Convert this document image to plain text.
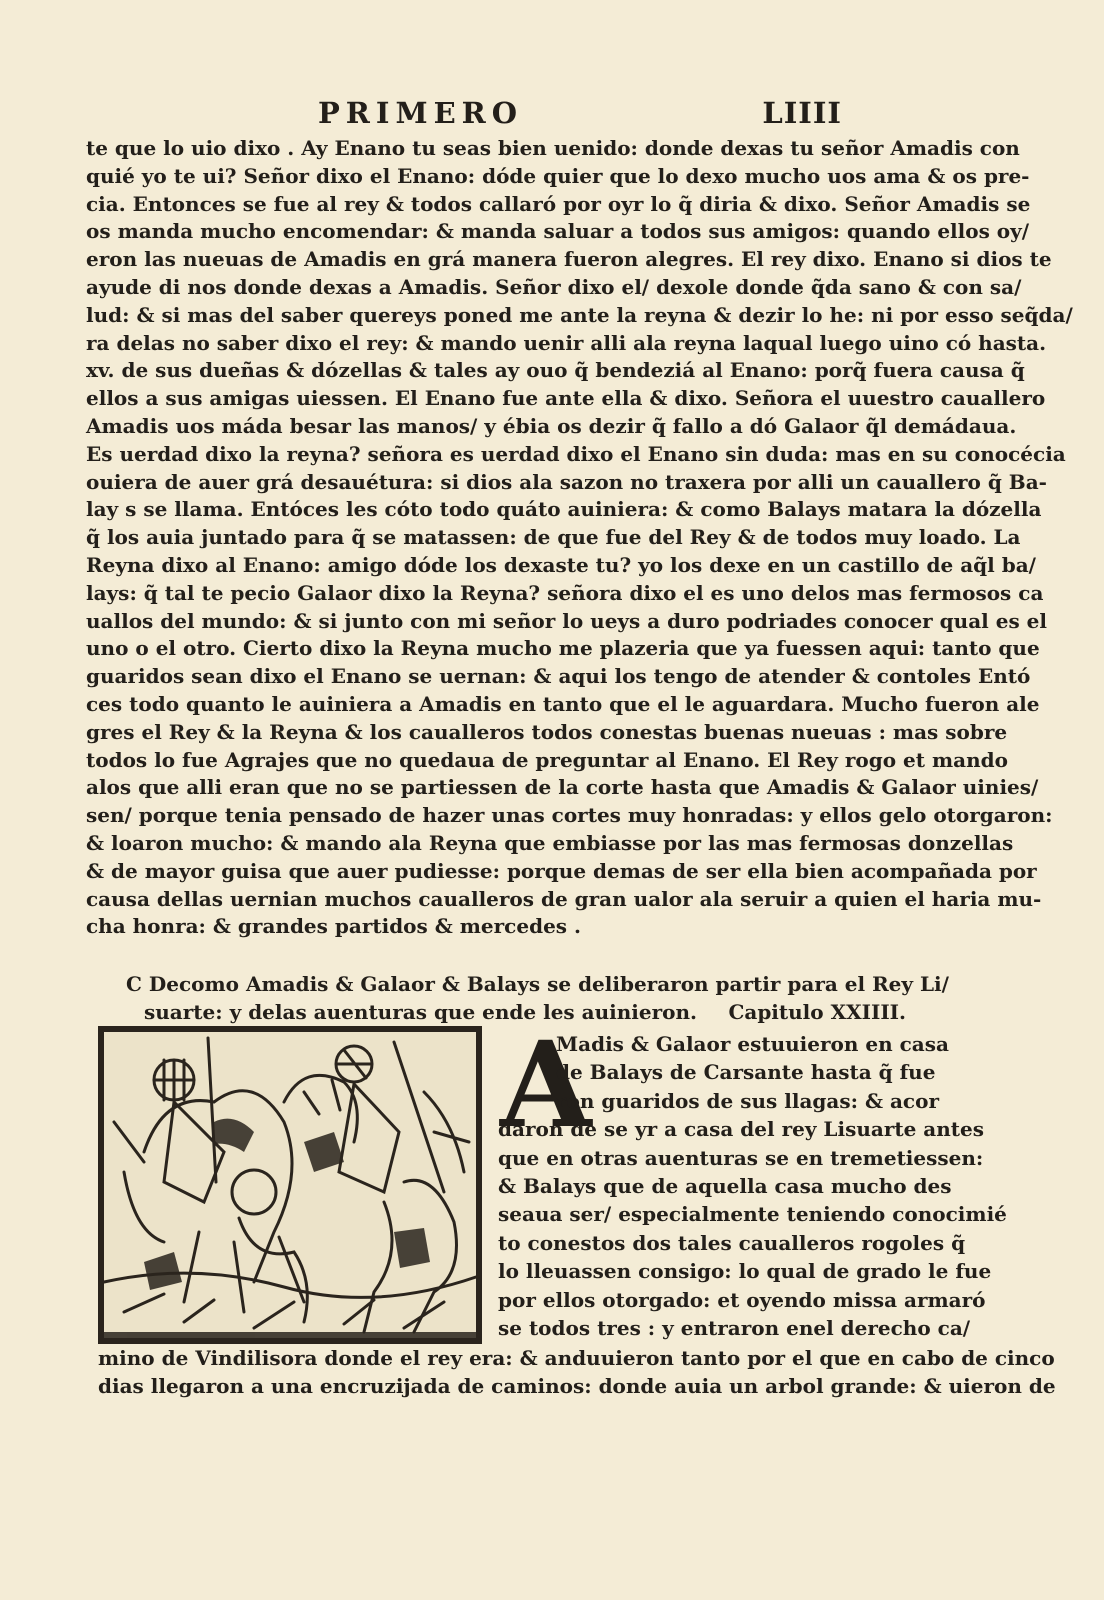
PRIMERO	LIIII
te que lo uio dixo . Ay Enano tu seas bien uenido: donde dexas tu señor Amadis con
quié yo te ui? Señor dixo el Enano: dóde quier que lo dexo mucho uos ama & os pre-
cia. Entonces se fue al rey & todos callaró por oyr lo q̃ diria & dixo. Señor Amadis se
os manda mucho encomendar: & manda saluar a todos sus amigos: quando ellos oy/
eron las nueuas de Amadis en grá manera fueron alegres. El rey dixo. Enano si dios te
ayude di nos donde dexas a Amadis. Señor dixo el/ dexole donde q̃da sano & con sa/
lud: & si mas del saber quereys poned me ante la reyna & dezir lo he: ni por esso seq̃da/
ra delas no saber dixo el rey: & mando uenir alli ala reyna laqual luego uino có hasta.
xv. de sus dueñas & dózellas & tales ay ouo q̃ bendeziá al Enano: porq̃ fuera causa q̃
ellos a sus amigas uiessen. El Enano fue ante ella & dixo. Señora el uuestro cauallero
Amadis uos máda besar las manos/ y ébia os dezir q̃ fallo a dó Galaor q̃l demádaua.
Es uerdad dixo la reyna? señora es uerdad dixo el Enano sin duda: mas en su conocécia
ouiera de auer grá desauétura: si dios ala sazon no traxera por alli un cauallero q̃ Ba-
lay s se llama. Entóces les cóto todo quáto auiniera: & como Balays matara la dózella
q̃ los auia juntado para q̃ se matassen: de que fue del Rey & de todos muy loado. La
Reyna dixo al Enano: amigo dóde los dexaste tu? yo los dexe en un castillo de aq̃l ba/
lays: q̃ tal te pecio Galaor dixo la Reyna? señora dixo el es uno delos mas fermosos ca
uallos del mundo: & si junto con mi señor lo ueys a duro podriades conocer qual es el
uno o el otro. Cierto dixo la Reyna mucho me plazeria que ya fuessen aqui: tanto que
guaridos sean dixo el Enano se uernan: & aqui los tengo de atender & contoles Entó
ces todo quanto le auiniera a Amadis en tanto que el le aguardara. Mucho fueron ale
gres el Rey & la Reyna & los caualleros todos conestas buenas nueuas : mas sobre
todos lo fue Agrajes que no quedaua de preguntar al Enano. El Rey rogo et mando
alos que alli eran que no se partiessen de la corte hasta que Amadis & Galaor uinies/
sen/ porque tenia pensado de hazer unas cortes muy honradas: y ellos gelo otorgaron:
& loaron mucho: & mando ala Reyna que embiasse por las mas fermosas donzellas
& de mayor guisa que auer pudiesse: porque demas de ser ella bien acompañada por
causa dellas uernian muchos caualleros de gran ualor ala seruir a quien el haria mu-
cha honra: & grandes partidos & mercedes .
C Decomo Amadis & Galaor & Balays se deliberaron partir para el Rey Li/
suarte: y delas auenturas que ende les auinieron. Capitulo XXIIII.
A
Madis & Galaor estuuieron en casa
de Balays de Carsante hasta q̃ fue
ron guaridos de sus llagas: & acor
daron de se yr a casa del rey Lisuarte antes
que en otras auenturas se en tremetiessen:
& Balays que de aquella casa mucho des
seaua ser/ especialmente teniendo conocimié
to conestos dos tales caualleros rogoles q̃
lo lleuassen consigo: lo qual de grado le fue
por ellos otorgado: et oyendo missa armaró
se todos tres : y entraron enel derecho ca/
mino de Vindilisora donde el rey era: & anduuieron tanto por el que en cabo de cinco
dias llegaron a una encruzijada de caminos: donde auia un arbol grande: & uieron de
